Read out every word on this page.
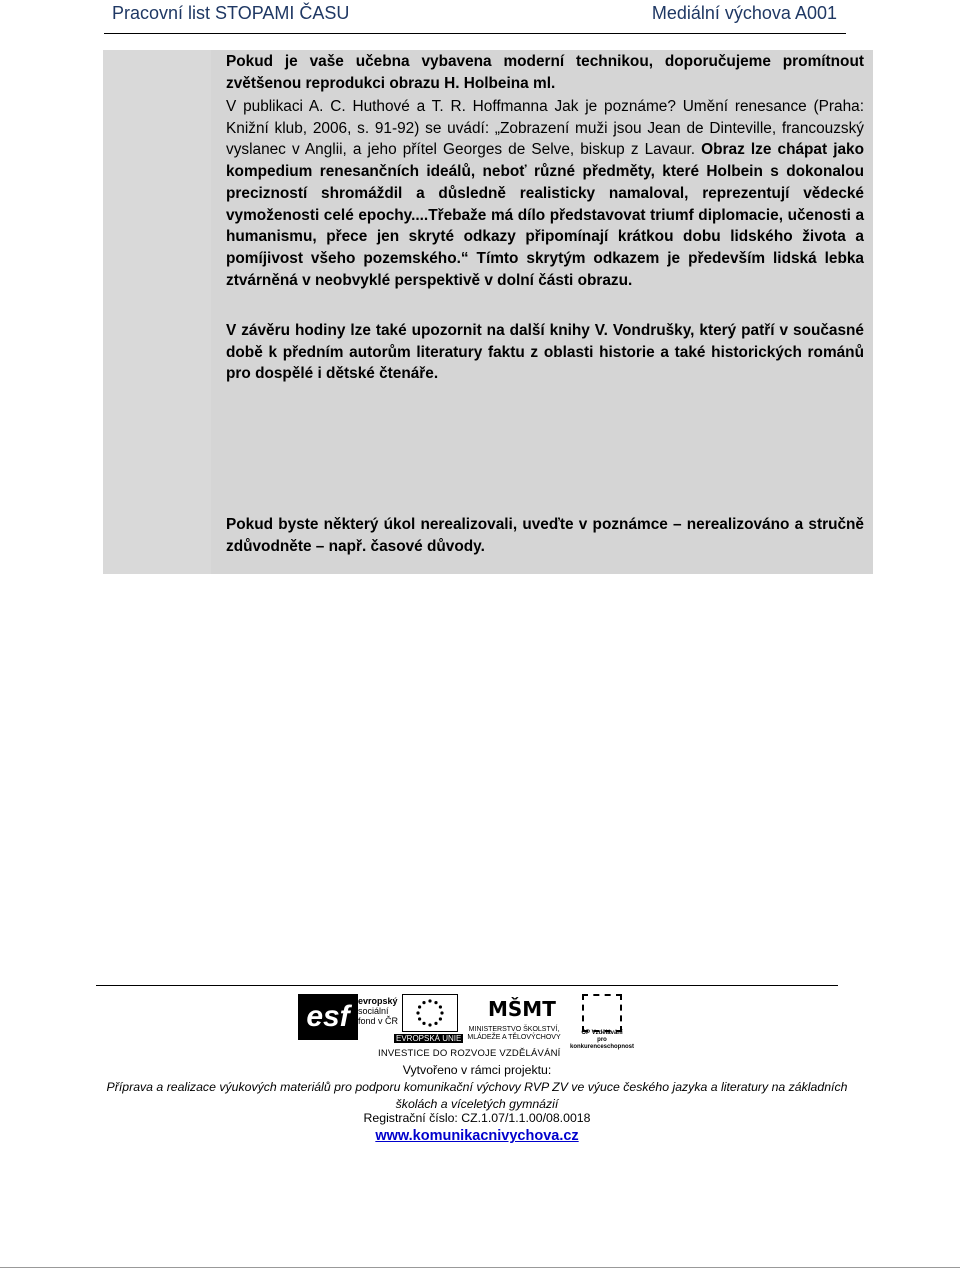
Pracovní list STOPAMI ČASU	Mediální výchova A001

Pokud je vaše učebna vybavena moderní technikou, doporučujeme promítnout zvětšenou reprodukci obrazu H. Holbeina ml.

V publikaci A. C. Huthové a T. R. Hoffmanna Jak je poznáme? Umění renesance (Praha: Knižní klub, 2006, s. 91-92) se uvádí: „Zobrazení muži jsou Jean de Dinteville, francouzský vyslanec v Anglii, a jeho přítel Georges de Selve, biskup z Lavaur. Obraz lze chápat jako kompedium renesančních ideálů, neboť různé předměty, které Holbein s dokonalou precizností shromáždil a důsledně realisticky namaloval, reprezentují vědecké vymoženosti celé epochy....Třebaže má dílo představovat triumf diplomacie, učenosti a humanismu, přece jen skryté odkazy připomínají krátkou dobu lidského života a pomíjivost všeho pozemského.“ Tímto skrytým odkazem je především lidská lebka ztvárněná v neobvyklé perspektivě v dolní části obrazu.

V závěru hodiny lze také upozornit na další knihy V. Vondrušky, který patří v současné době k předním autorům literatury faktu z oblasti historie a také historických románů pro dospělé i dětské čtenáře.

Pokud byste některý úkol nerealizovali, uveďte v poznámce – nerealizováno a stručně zdůvodněte – např. časové důvody.

esf evropský
sociální
fond v ČR
EVROPSKÁ UNIE
MŠMT
MINISTERSTVO ŠKOLSTVÍ,
MLÁDEŽE A TĚLOVÝCHOVY
OP Vzdělávání
pro konkurenceschopnost
INVESTICE DO ROZVOJE VZDĚLÁVÁNÍ
Vytvořeno v rámci projektu:
Příprava a realizace výukových materiálů pro podporu komunikační výchovy RVP ZV ve výuce českého jazyka a literatury na základních školách a víceletých gymnázií
Registrační číslo: CZ.1.07/1.1.00/08.0018
www.komunikacnivychova.cz
